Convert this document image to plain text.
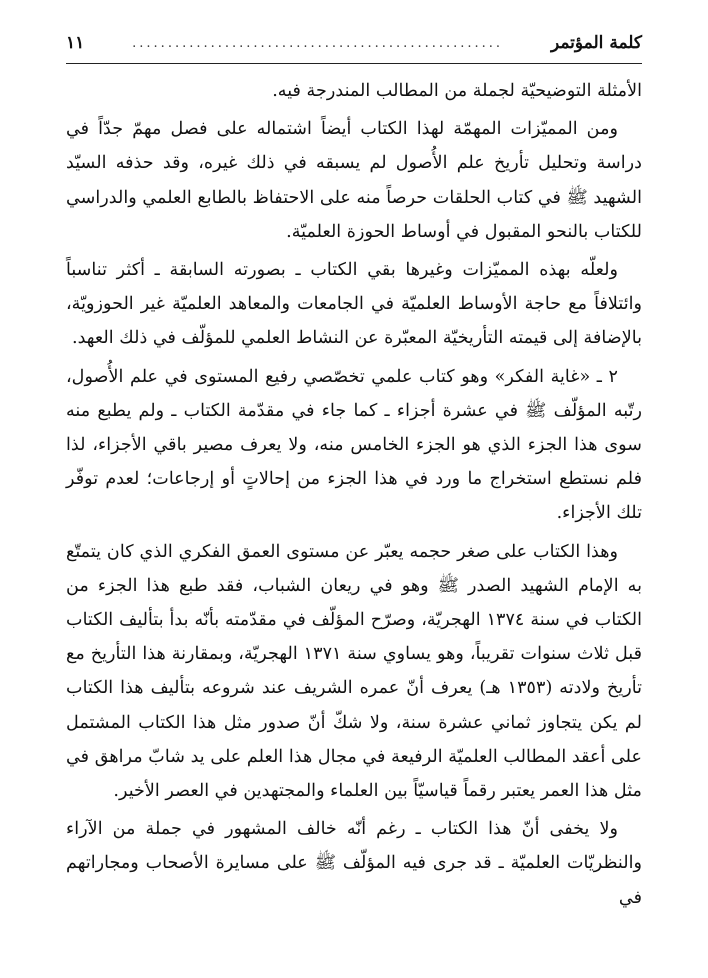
كلمة المؤتمر
....................................................
١١

الأمثلة التوضيحيّة لجملة من المطالب المندرجة فيه.

ومن المميّزات المهمّة لهذا الكتاب أيضاً اشتماله على فصل مهمّ جدّاً في دراسة وتحليل تأريخ علم الأُصول لم يسبقه في ذلك غيره، وقد حذفه السيّد الشهيد ﷺ في كتاب الحلقات حرصاً منه على الاحتفاظ بالطابع العلمي والدراسي للكتاب بالنحو المقبول في أوساط الحوزة العلميّة.

ولعلّه بهذه المميّزات وغيرها بقي الكتاب ـ بصورته السابقة ـ أكثر تناسباً وائتلافاً مع حاجة الأوساط العلميّة في الجامعات والمعاهد العلميّة غير الحوزويّة، بالإضافة إلى قيمته التأريخيّة المعبّرة عن النشاط العلمي للمؤلّف في ذلك العهد.

٢ ـ «غاية الفكر» وهو كتاب علمي تخصّصي رفيع المستوى في علم الأُصول، رتّبه المؤلّف ﷺ في عشرة أجزاء ـ كما جاء في مقدّمة الكتاب ـ ولم يطبع منه سوى هذا الجزء الذي هو الجزء الخامس منه، ولا يعرف مصير باقي الأجزاء، لذا فلم نستطع استخراج ما ورد في هذا الجزء من إحالاتٍ أو إرجاعات؛ لعدم توفّر تلك الأجزاء.

وهذا الكتاب على صغر حجمه يعبّر عن مستوى العمق الفكري الذي كان يتمتّع به الإمام الشهيد الصدر ﷺ وهو في ريعان الشباب، فقد طبع هذا الجزء من الكتاب في سنة ١٣٧٤ الهجريّة، وصرّح المؤلّف في مقدّمته بأنّه بدأ بتأليف الكتاب قبل ثلاث سنوات تقريباً، وهو يساوي سنة ١٣٧١ الهجريّة، وبمقارنة هذا التأريخ مع تأريخ ولادته (١٣٥٣ هـ) يعرف أنّ عمره الشريف عند شروعه بتأليف هذا الكتاب لم يكن يتجاوز ثماني عشرة سنة، ولا شكّ أنّ صدور مثل هذا الكتاب المشتمل على أعقد المطالب العلميّة الرفيعة في مجال هذا العلم على يد شابّ مراهق في مثل هذا العمر يعتبر رقماً قياسيّاً بين العلماء والمجتهدين في العصر الأخير.

ولا يخفى أنّ هذا الكتاب ـ رغم أنّه خالف المشهور في جملة من الآراء والنظريّات العلميّة ـ قد جرى فيه المؤلّف ﷺ على مسايرة الأصحاب ومجاراتهم في
